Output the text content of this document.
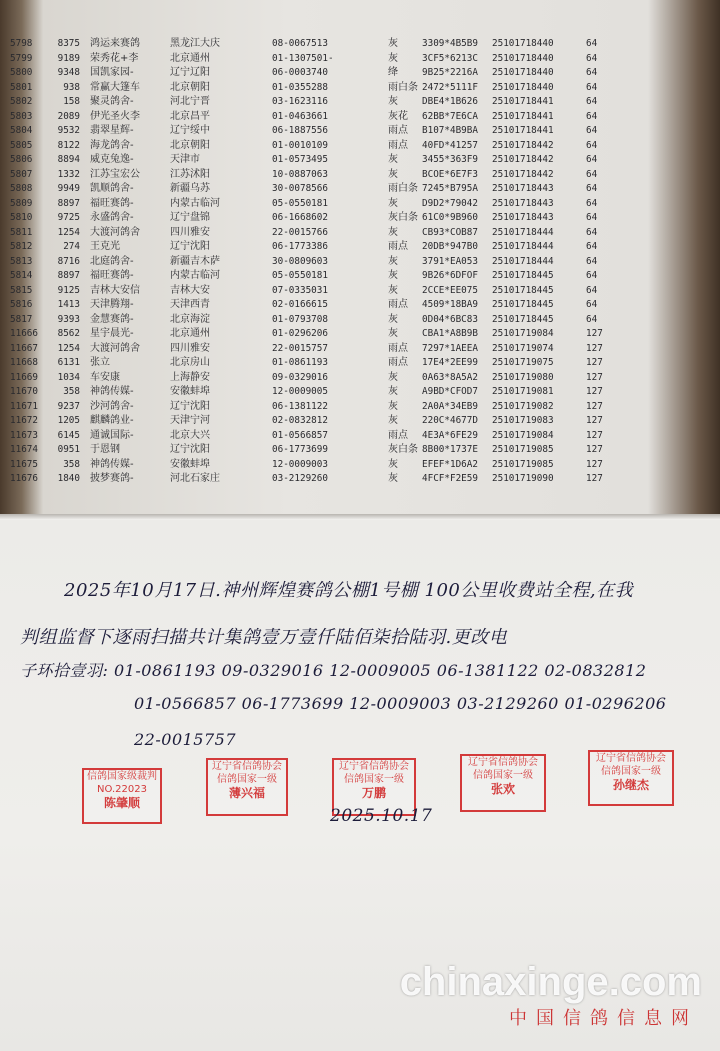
5798	8375 鸿运来赛鸽	黑龙江大庆	08-0067513	灰	3309*4B5B9	25101718440	64
5799	9189 荣秀花+李	北京通州	01-1307501-	灰	3CF5*6213C	25101718440	64
5800	9348 国凯家园-	辽宁辽阳	06-0003740	绛	9B25*2216A	25101718440	64
5801	938 常赢大篷车	北京朝阳	01-0355288	雨白条 2472*5111F	25101718440	64
5802	158 聚灵鸽舍-	河北宁晋	03-1623116	灰	DBE4*1B626	25101718441	64
5803	2089 伊光圣火李	北京昌平	01-0463661	灰花	62BB*7E6CA	25101718441	64
5804	9532 翡翠星辉-	辽宁绥中	06-1887556	雨点	B107*4B9BA	25101718441	64
5805	8122 海龙鸽舍-	北京朝阳	01-0010109	雨点	40FD*41257	25101718442	64
5806	8894 威克兔逸-	天津市	01-0573495	灰	3455*363F9	25101718442	64
5807	1332 江苏宝宏公	江苏沭阳	10-0887063	灰	BCOE*6E7F3	25101718442	64
5808	9949 凯顺鸽舍-	新疆乌苏	30-0078566	雨白条 7245*B795A	25101718443	64
5809	8897 福旺赛鸽-	内蒙古临河	05-0550181	灰	D9D2*79042	25101718443	64
5810	9725 永盛鸽舍-	辽宁盘锦	06-1668602	灰白条 61C0*9B960	25101718443	64
5811	1254 大渡河鸽舍	四川雅安	22-0015766	灰	CB93*COB87	25101718444	64
5812	274 王克光	辽宁沈阳	06-1773386	雨点	20DB*947B0	25101718444	64
5813	8716 北庭鸽舍-	新疆吉木萨	30-0809603	灰	3791*EA053	25101718444	64
5814	8897 福旺赛鸽-	内蒙古临河	05-0550181	灰	9B26*6DFOF	25101718445	64
5815	9125 吉林大安信	吉林大安	07-0335031	灰	2CCE*EE075	25101718445	64
5816	1413 天津腾翔-	天津西青	02-0166615	雨点	4509*18BA9	25101718445	64
5817	9393 金慧赛鸽-	北京海淀	01-0793708	灰	0D04*6BC83	25101718445	64
11666	8562 星宇晨光-	北京通州	01-0296206	灰	CBA1*A8B9B	25101719084	127
11667	1254 大渡河鸽舍	四川雅安	22-0015757	雨点	7297*1AEEA	25101719074	127
11668	6131 张立	北京房山	01-0861193	雨点	17E4*2EE99	25101719075	127
11669	1034 车安康	上海静安	09-0329016	灰	0A63*8A5A2	25101719080	127
11670	358 神鸽传媒-	安徽蚌埠	12-0009005	灰	A9BD*CFOD7	25101719081	127
11671	9237 沙河鸽舍-	辽宁沈阳	06-1381122	灰	2A0A*34EB9	25101719082	127
11672	1205 麒麟鸽业-	天津宁河	02-0832812	灰	220C*4677D	25101719083	127
11673	6145 通诚国际-	北京大兴	01-0566857	雨点	4E3A*6FE29	25101719084	127
11674	0951 于恩钢	辽宁沈阳	06-1773699	灰白条 8B00*1737E	25101719085	127
11675	358 神鸽传媒-	安徽蚌埠	12-0009003	灰	EFEF*1D6A2	25101719085	127
11676	1840 披梦赛鸽-	河北石家庄	03-2129260	灰	4FCF*F2E59	25101719090	127
2025年10月17日.神州辉煌赛鸽公棚1号棚 100公里收费站全程,在我
判组监督下逐雨扫描共计集鸽壹万壹仟陆佰柒拾陆羽.更改电
子环拾壹羽: 01-0861193 09-0329016 12-0009005 06-1381122 02-0832812
01-0566857 06-1773699 12-0009003 03-2129260 01-0296206
22-0015757
信鸽国家级裁判
NO.22023
陈肇顺
辽宁省信鸽协会
信鸽国家一级
薄兴福
辽宁省信鸽协会
信鸽国家一级
万鹏
辽宁省信鸽协会
信鸽国家一级
张欢
辽宁省信鸽协会
信鸽国家一级
孙继杰
2025.10.17
chinaxinge.com
中国信鸽信息网
